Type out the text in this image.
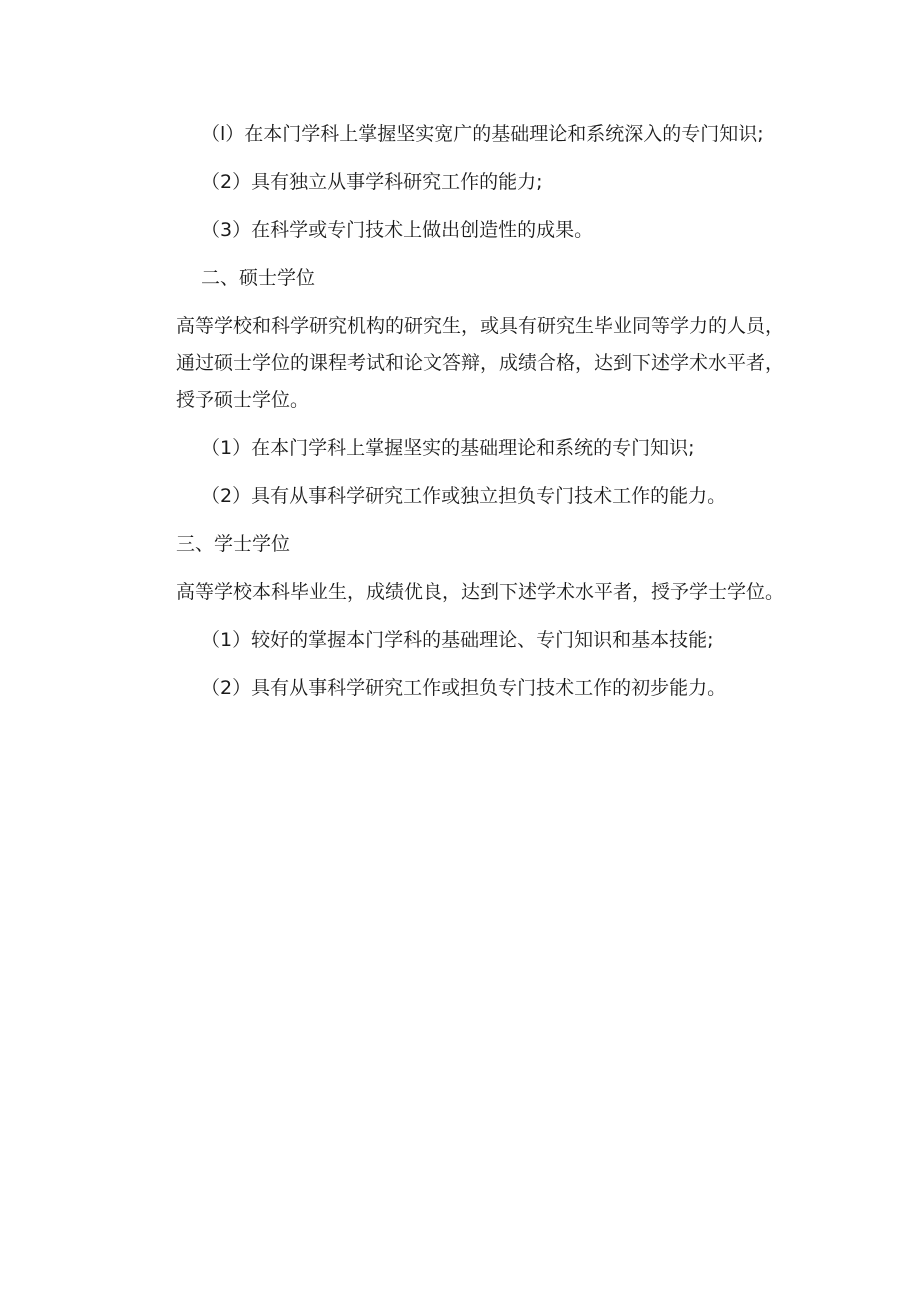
（l）在本门学科上掌握坚实宽广的基础理论和系统深入的专门知识;

（2）具有独立从事学科研究工作的能力;

（3）在科学或专门技术上做出创造性的成果。

二、硕士学位

高等学校和科学研究机构的研究生，或具有研究生毕业同等学力的人员，通过硕士学位的课程考试和论文答辩，成绩合格，达到下述学术水平者，授予硕士学位。

（1）在本门学科上掌握坚实的基础理论和系统的专门知识;

（2）具有从事科学研究工作或独立担负专门技术工作的能力。

三、学士学位

高等学校本科毕业生，成绩优良，达到下述学术水平者，授予学士学位。

（1）较好的掌握本门学科的基础理论、专门知识和基本技能;

（2）具有从事科学研究工作或担负专门技术工作的初步能力。
